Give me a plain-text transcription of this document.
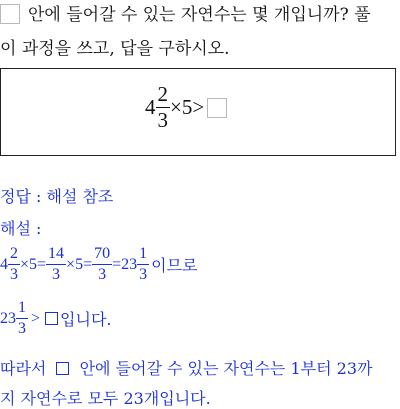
안에 들어갈 수 있는 자연수는 몇 개입니까? 풀
이 과정을 쓰고, 답을 구하시오.
$4 \frac{2}{3} \times 5>$
정답 : 해설 참조
해설 :
$4 \frac{2}{3} \times 5= \frac{14}{3} \times 5= \frac{70}{3} =23 \frac{1}{3}$ 이므로
$23 \frac{1}{3}$ > 입니다.
따라서 안에 들어갈 수 있는 자연수는 1부터 23까
지 자연수로 모두 23개입니다.
